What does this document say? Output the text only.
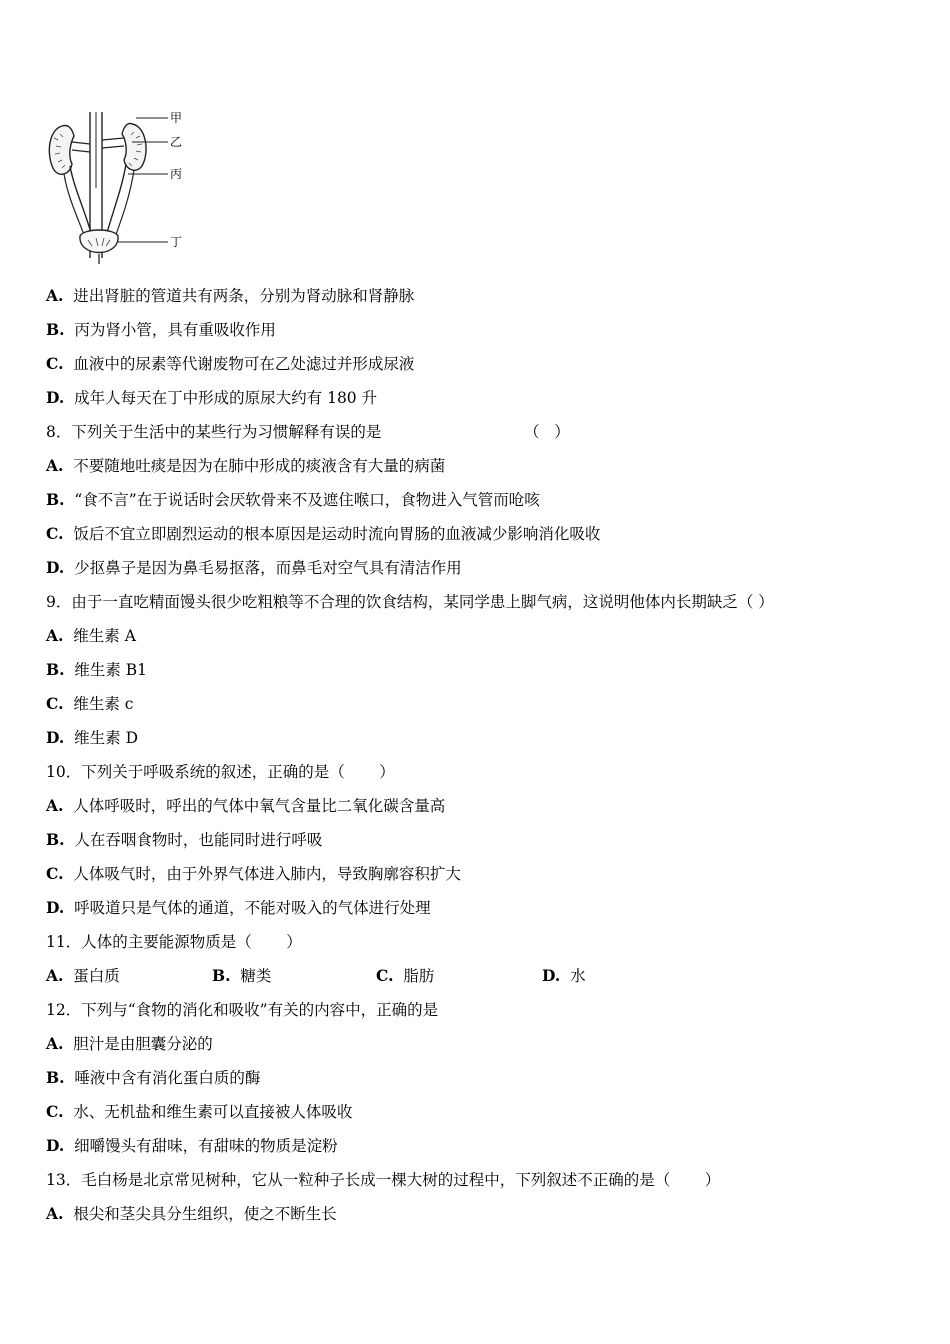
甲
乙
丙
丁
A. 进出肾脏的管道共有两条，分别为肾动脉和肾静脉
B. 丙为肾小管，具有重吸收作用
C. 血液中的尿素等代谢废物可在乙处滤过并形成尿液
D. 成年人每天在丁中形成的原尿大约有 180 升
8．下列关于生活中的某些行为习惯解释有误的是	（   ）
A. 不要随地吐痰是因为在肺中形成的痰液含有大量的病菌
B. “食不言”在于说话时会厌软骨来不及遮住喉口，食物进入气管而呛咳
C. 饭后不宜立即剧烈运动的根本原因是运动时流向胃肠的血液减少影响消化吸收
D. 少抠鼻子是因为鼻毛易抠落，而鼻毛对空气具有清洁作用
9．由于一直吃精面馒头很少吃粗粮等不合理的饮食结构，某同学患上脚气病，这说明他体内长期缺乏（ ）
A. 维生素 A
B. 维生素 B1
C. 维生素 c
D. 维生素 D
10．下列关于呼吸系统的叙述，正确的是（       ）
A. 人体呼吸时，呼出的气体中氧气含量比二氧化碳含量高
B. 人在吞咽食物时，也能同时进行呼吸
C. 人体吸气时，由于外界气体进入肺内，导致胸廓容积扩大
D. 呼吸道只是气体的通道，不能对吸入的气体进行处理
11．人体的主要能源物质是（       ）
A. 蛋白质	B. 糖类	C. 脂肪	D. 水
12．下列与“食物的消化和吸收”有关的内容中，正确的是
A. 胆汁是由胆囊分泌的
B. 唾液中含有消化蛋白质的酶
C. 水、无机盐和维生素可以直接被人体吸收
D. 细嚼馒头有甜味，有甜味的物质是淀粉
13．毛白杨是北京常见树种，它从一粒种子长成一棵大树的过程中，下列叙述不正确的是（       ）
A. 根尖和茎尖具分生组织，使之不断生长
